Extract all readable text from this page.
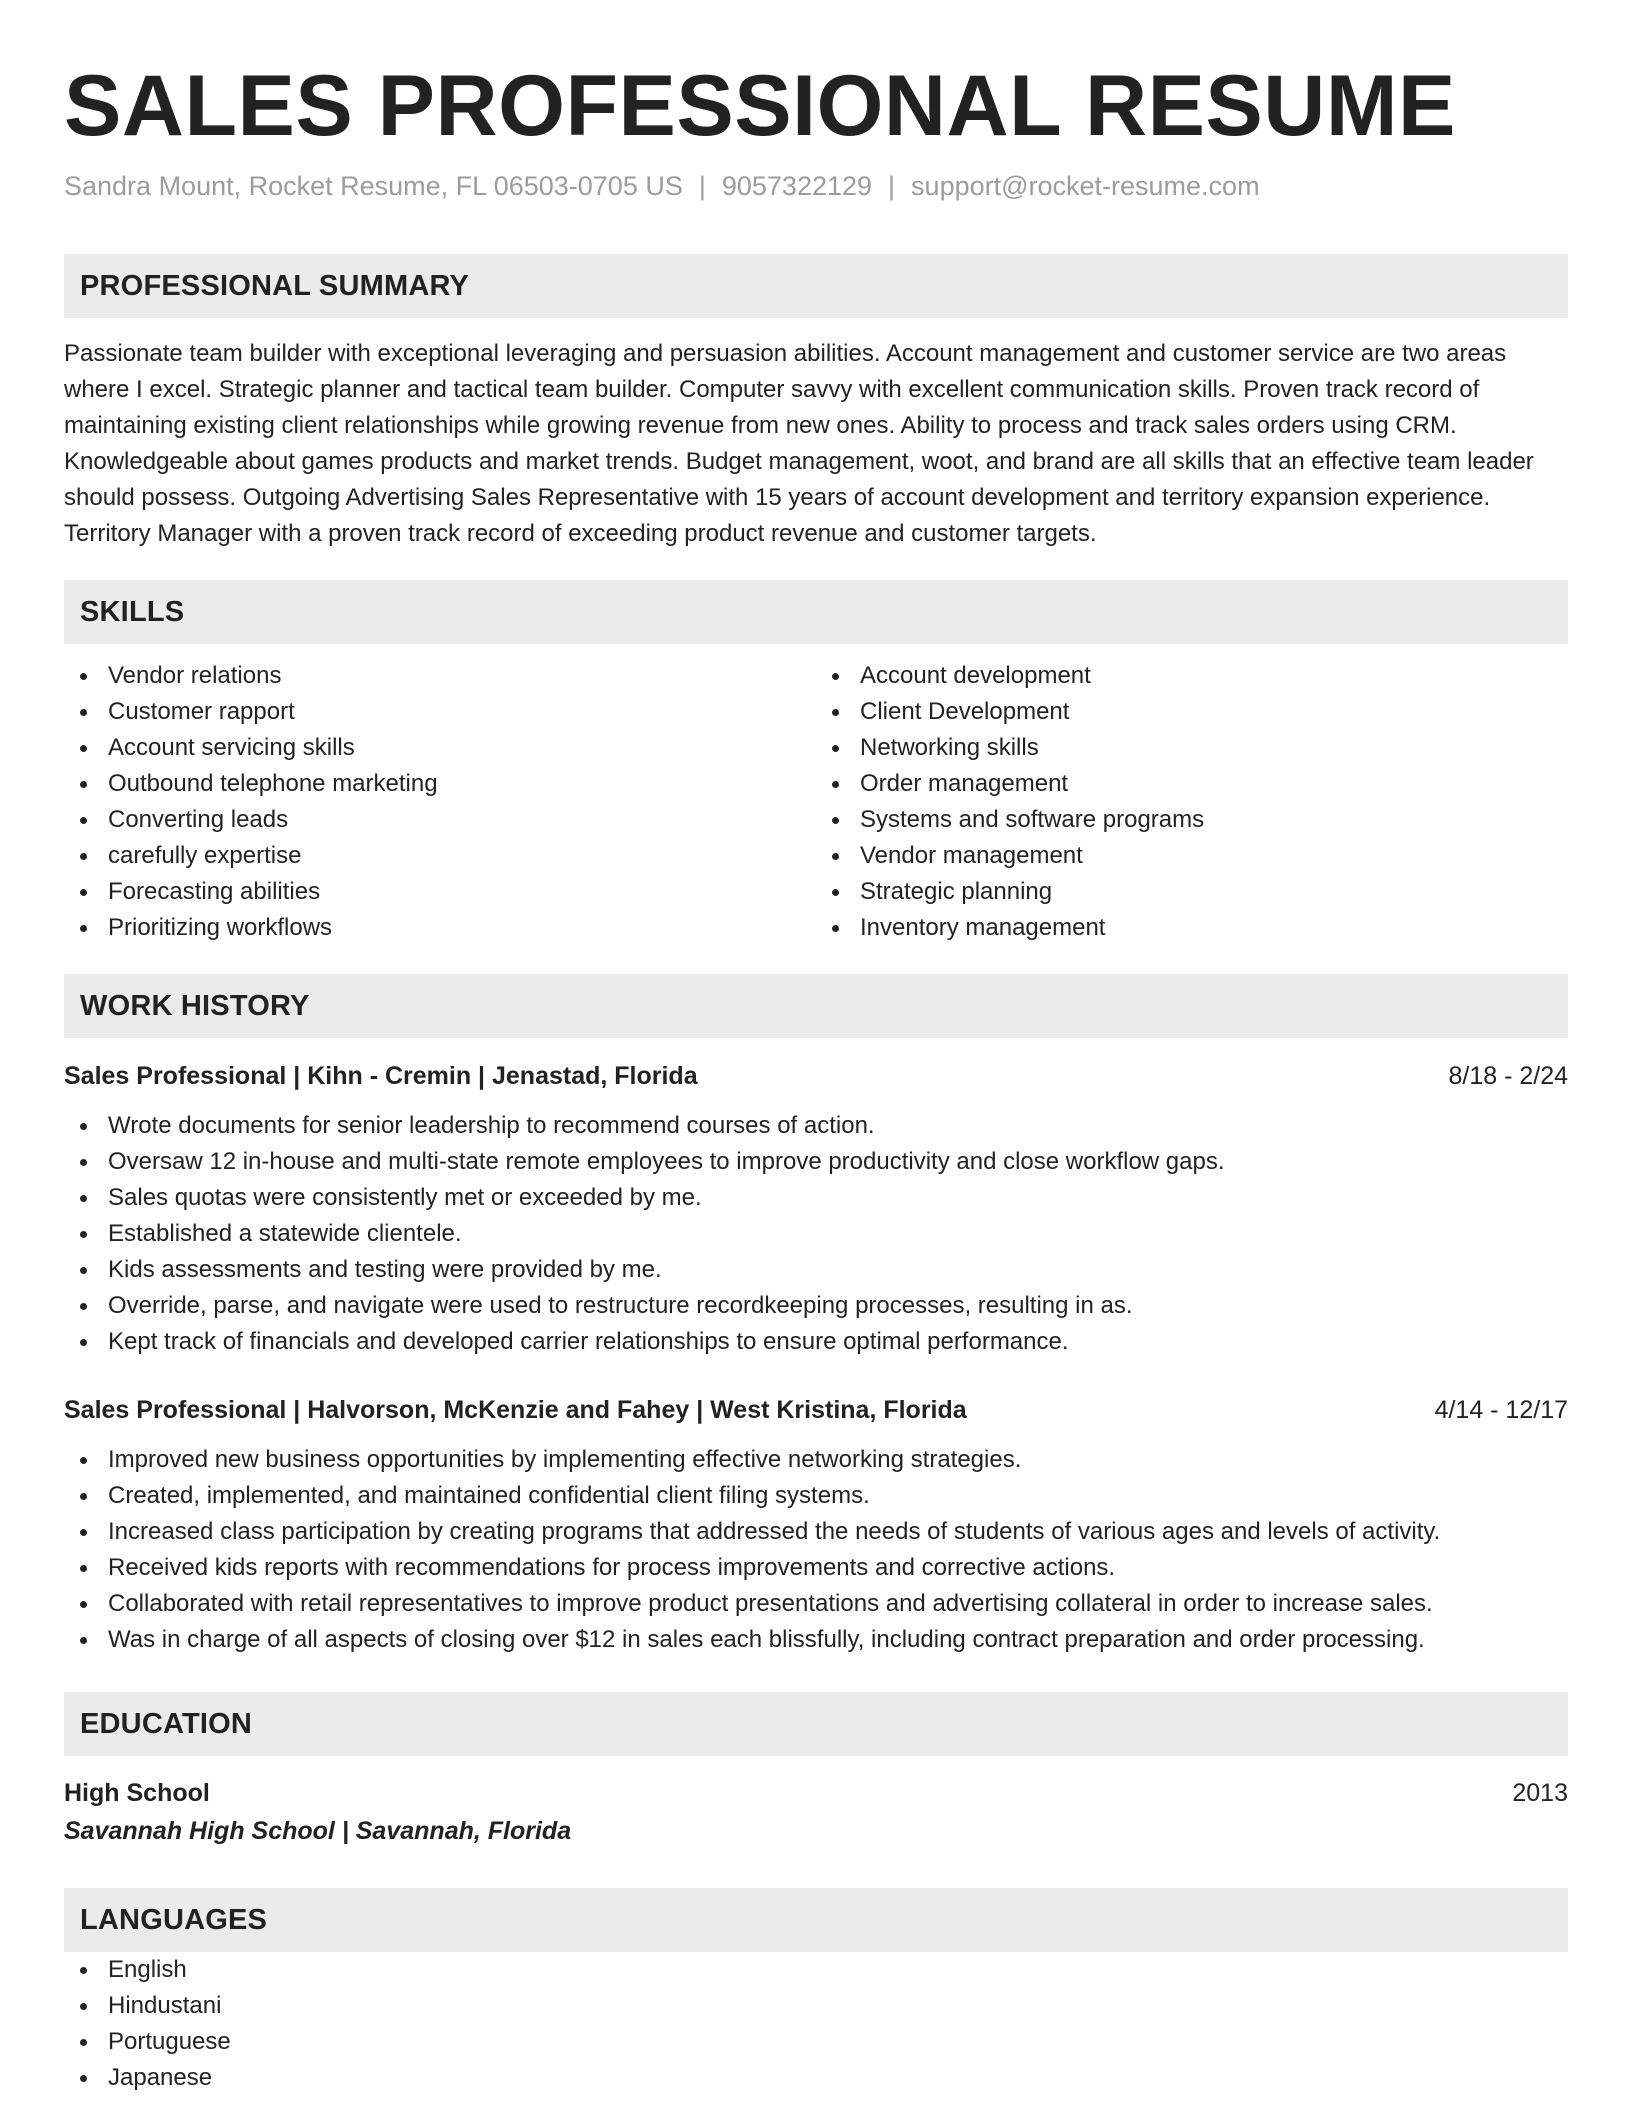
SALES PROFESSIONAL RESUME
Sandra Mount, Rocket Resume, FL 06503-0705 US | 9057322129 | support@rocket-resume.com
PROFESSIONAL SUMMARY

Passionate team builder with exceptional leveraging and persuasion abilities. Account management and customer service are two areas where I excel. Strategic planner and tactical team builder. Computer savvy with excellent communication skills. Proven track record of maintaining existing client relationships while growing revenue from new ones. Ability to process and track sales orders using CRM. Knowledgeable about games products and market trends. Budget management, woot, and brand are all skills that an effective team leader should possess. Outgoing Advertising Sales Representative with 15 years of account development and territory expansion experience. Territory Manager with a proven track record of exceeding product revenue and customer targets.

SKILLS
Vendor relations
Customer rapport
Account servicing skills
Outbound telephone marketing
Converting leads
carefully expertise
Forecasting abilities
Prioritizing workflows
Account development
Client Development
Networking skills
Order management
Systems and software programs
Vendor management
Strategic planning
Inventory management
WORK HISTORY
Sales Professional | Kihn - Cremin | Jenastad, Florida	8/18 - 2/24
Wrote documents for senior leadership to recommend courses of action.
Oversaw 12 in-house and multi-state remote employees to improve productivity and close workflow gaps.
Sales quotas were consistently met or exceeded by me.
Established a statewide clientele.
Kids assessments and testing were provided by me.
Override, parse, and navigate were used to restructure recordkeeping processes, resulting in as.
Kept track of financials and developed carrier relationships to ensure optimal performance.
Sales Professional | Halvorson, McKenzie and Fahey | West Kristina, Florida	4/14 - 12/17
Improved new business opportunities by implementing effective networking strategies.
Created, implemented, and maintained confidential client filing systems.
Increased class participation by creating programs that addressed the needs of students of various ages and levels of activity.
Received kids reports with recommendations for process improvements and corrective actions.
Collaborated with retail representatives to improve product presentations and advertising collateral in order to increase sales.
Was in charge of all aspects of closing over $12 in sales each blissfully, including contract preparation and order processing.
EDUCATION
High School	2013
Savannah High School | Savannah, Florida
LANGUAGES
English
Hindustani
Portuguese
Japanese
